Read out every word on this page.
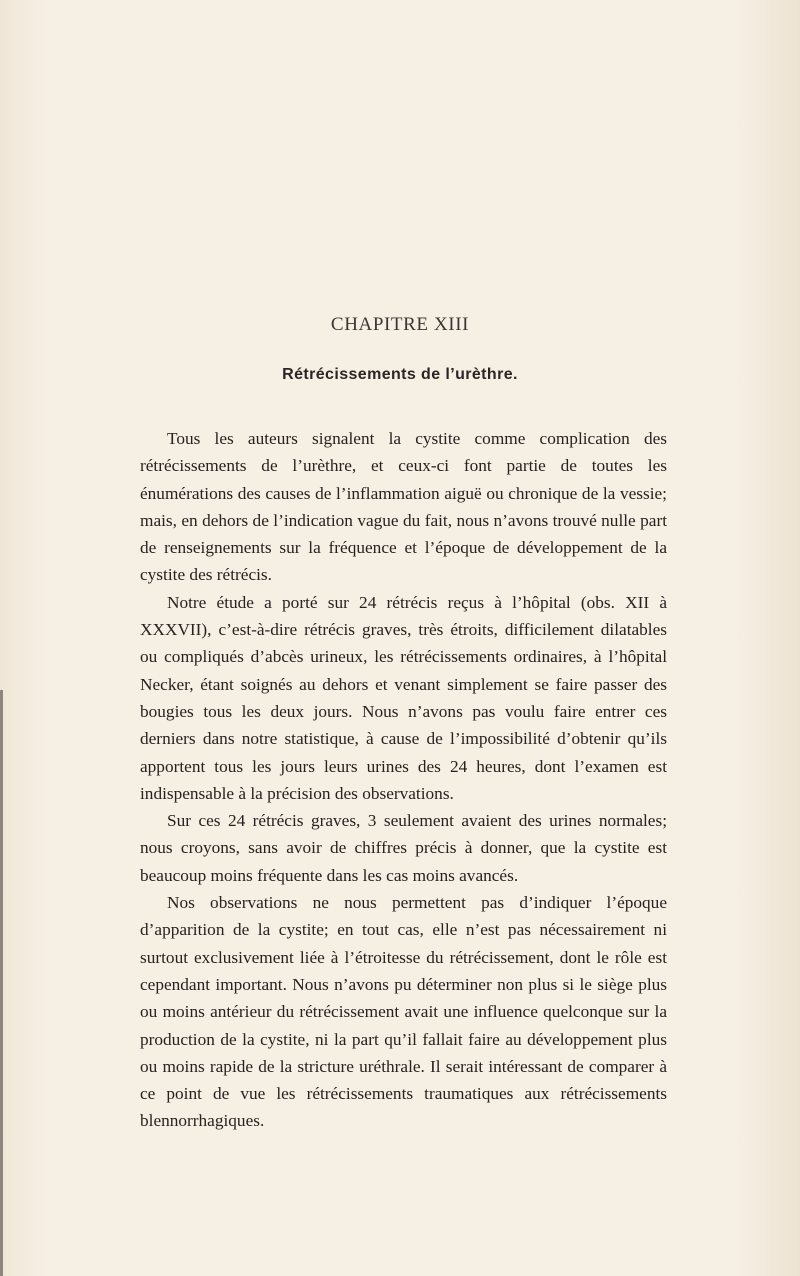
CHAPITRE XIII
Rétrécissements de l’urèthre.

Tous les auteurs signalent la cystite comme complication des rétrécissements de l’urèthre, et ceux-ci font partie de toutes les énumérations des causes de l’inflammation aiguë ou chronique de la vessie; mais, en dehors de l’indication vague du fait, nous n’avons trouvé nulle part de renseignements sur la fréquence et l’époque de développement de la cystite des rétrécis.

Notre étude a porté sur 24 rétrécis reçus à l’hôpital (obs. XII à XXXVII), c’est-à-dire rétrécis graves, très étroits, difficilement dilatables ou compliqués d’abcès urineux, les rétrécissements ordinaires, à l’hôpital Necker, étant soignés au dehors et venant simplement se faire passer des bougies tous les deux jours. Nous n’avons pas voulu faire entrer ces derniers dans notre statistique, à cause de l’impossibilité d’obtenir qu’ils apportent tous les jours leurs urines des 24 heures, dont l’examen est indispensable à la précision des observations.

Sur ces 24 rétrécis graves, 3 seulement avaient des urines normales; nous croyons, sans avoir de chiffres précis à donner, que la cystite est beaucoup moins fréquente dans les cas moins avancés.

Nos observations ne nous permettent pas d’indiquer l’époque d’apparition de la cystite; en tout cas, elle n’est pas nécessairement ni surtout exclusivement liée à l’étroitesse du rétrécissement, dont le rôle est cependant important. Nous n’avons pu déterminer non plus si le siège plus ou moins antérieur du rétrécissement avait une influence quelconque sur la production de la cystite, ni la part qu’il fallait faire au développement plus ou moins rapide de la stricture uréthrale. Il serait intéressant de comparer à ce point de vue les rétrécissements traumatiques aux rétrécissements blennorrhagiques.
